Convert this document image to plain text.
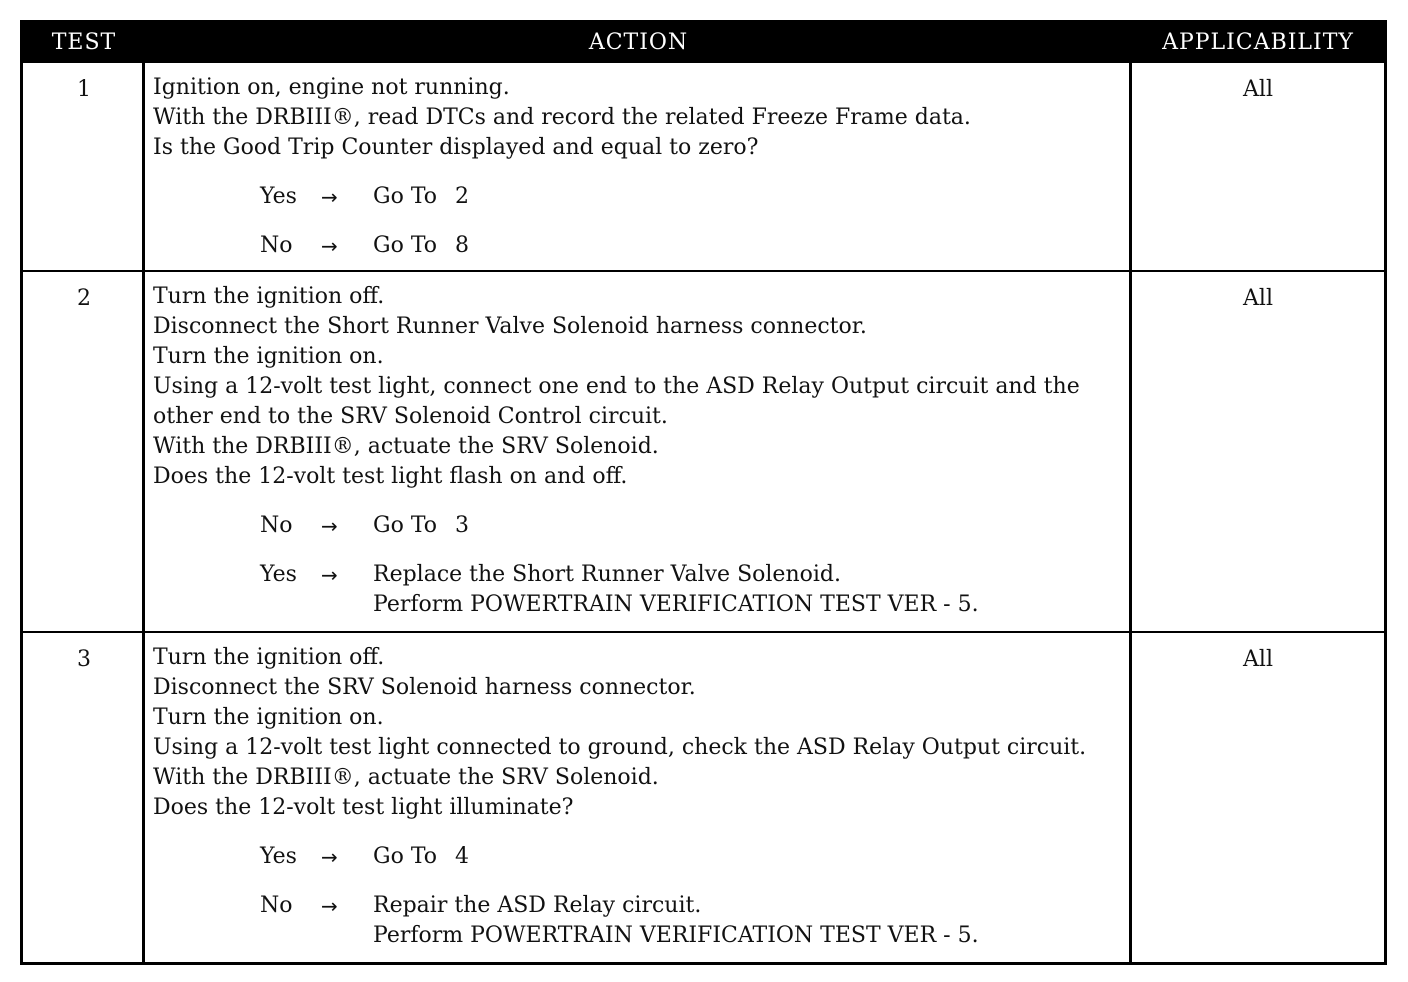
TEST	ACTION	APPLICABILITY
1	Ignition on, engine not running.
With the DRBIII®, read DTCs and record the related Freeze Frame data.
Is the Good Trip Counter displayed and equal to zero?
Yes → Go To 2
No → Go To 8
All
2	Turn the ignition off.
Disconnect the Short Runner Valve Solenoid harness connector.
Turn the ignition on.
Using a 12-volt test light, connect one end to the ASD Relay Output circuit and the
other end to the SRV Solenoid Control circuit.
With the DRBIII®, actuate the SRV Solenoid.
Does the 12-volt test light flash on and off.
No → Go To 3
Yes → Replace the Short Runner Valve Solenoid.
Perform POWERTRAIN VERIFICATION TEST VER - 5.
All
3	Turn the ignition off.
Disconnect the SRV Solenoid harness connector.
Turn the ignition on.
Using a 12-volt test light connected to ground, check the ASD Relay Output circuit.
With the DRBIII®, actuate the SRV Solenoid.
Does the 12-volt test light illuminate?
Yes → Go To 4
No → Repair the ASD Relay circuit.
Perform POWERTRAIN VERIFICATION TEST VER - 5.
All
